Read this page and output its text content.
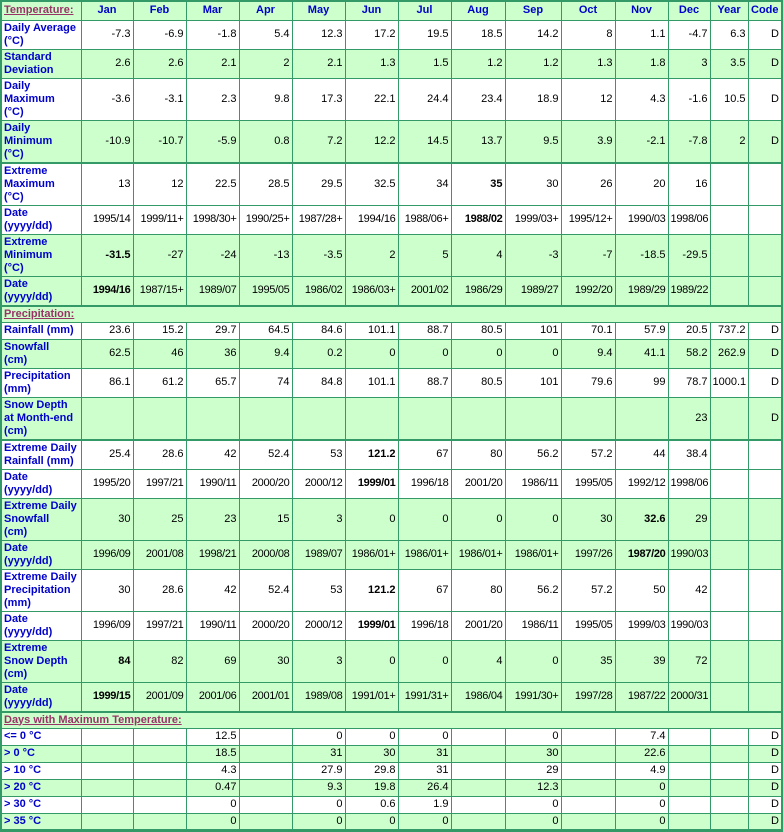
Temperature:	Jan	Feb	Mar	Apr	May	Jun	Jul	Aug	Sep	Oct	Nov	Dec	Year	Code
Daily Average
(°C)	-7.3	-6.9	-1.8	5.4	12.3	17.2	19.5	18.5	14.2	8	1.1	-4.7	6.3	D
Standard
Deviation	2.6	2.6	2.1	2	2.1	1.3	1.5	1.2	1.2	1.3	1.8	3	3.5	D
Daily
Maximum
(°C)	-3.6	-3.1	2.3	9.8	17.3	22.1	24.4	23.4	18.9	12	4.3	-1.6	10.5	D
Daily
Minimum
(°C)	-10.9	-10.7	-5.9	0.8	7.2	12.2	14.5	13.7	9.5	3.9	-2.1	-7.8	2	D
Extreme
Maximum
(°C)	13	12	22.5	28.5	29.5	32.5	34	35	30	26	20	16		
Date
(yyyy/dd)	1995/14	1999/11+	1998/30+	1990/25+	1987/28+	1994/16	1988/06+	1988/02	1999/03+	1995/12+	1990/03	1998/06		
Extreme
Minimum
(°C)	-31.5	-27	-24	-13	-3.5	2	5	4	-3	-7	-18.5	-29.5		
Date
(yyyy/dd)	1994/16	1987/15+	1989/07	1995/05	1986/02	1986/03+	2001/02	1986/29	1989/27	1992/20	1989/29	1989/22		
Precipitation:														
Rainfall (mm)	23.6	15.2	29.7	64.5	84.6	101.1	88.7	80.5	101	70.1	57.9	20.5	737.2	D
Snowfall
(cm)	62.5	46	36	9.4	0.2	0	0	0	0	9.4	41.1	58.2	262.9	D
Precipitation
(mm)	86.1	61.2	65.7	74	84.8	101.1	88.7	80.5	101	79.6	99	78.7	1000.1	D
Snow Depth
at Month-end
(cm)												23		D
Extreme Daily
Rainfall (mm)	25.4	28.6	42	52.4	53	121.2	67	80	56.2	57.2	44	38.4		
Date
(yyyy/dd)	1995/20	1997/21	1990/11	2000/20	2000/12	1999/01	1996/18	2001/20	1986/11	1995/05	1992/12	1998/06		
Extreme Daily
Snowfall
(cm)	30	25	23	15	3	0	0	0	0	30	32.6	29		
Date
(yyyy/dd)	1996/09	2001/08	1998/21	2000/08	1989/07	1986/01+	1986/01+	1986/01+	1986/01+	1997/26	1987/20	1990/03		
Extreme Daily
Precipitation
(mm)	30	28.6	42	52.4	53	121.2	67	80	56.2	57.2	50	42		
Date
(yyyy/dd)	1996/09	1997/21	1990/11	2000/20	2000/12	1999/01	1996/18	2001/20	1986/11	1995/05	1999/03	1990/03		
Extreme
Snow Depth
(cm)	84	82	69	30	3	0	0	4	0	35	39	72		
Date
(yyyy/dd)	1999/15	2001/09	2001/06	2001/01	1989/08	1991/01+	1991/31+	1986/04	1991/30+	1997/28	1987/22	2000/31		
Days with Maximum Temperature:														
<= 0 °C			12.5		0	0	0		0		7.4			D
> 0 °C			18.5		31	30	31		30		22.6			D
> 10 °C			4.3		27.9	29.8	31		29		4.9			D
> 20 °C			0.47		9.3	19.8	26.4		12.3		0			D
> 30 °C			0		0	0.6	1.9		0		0			D
> 35 °C			0		0	0	0		0		0			D
